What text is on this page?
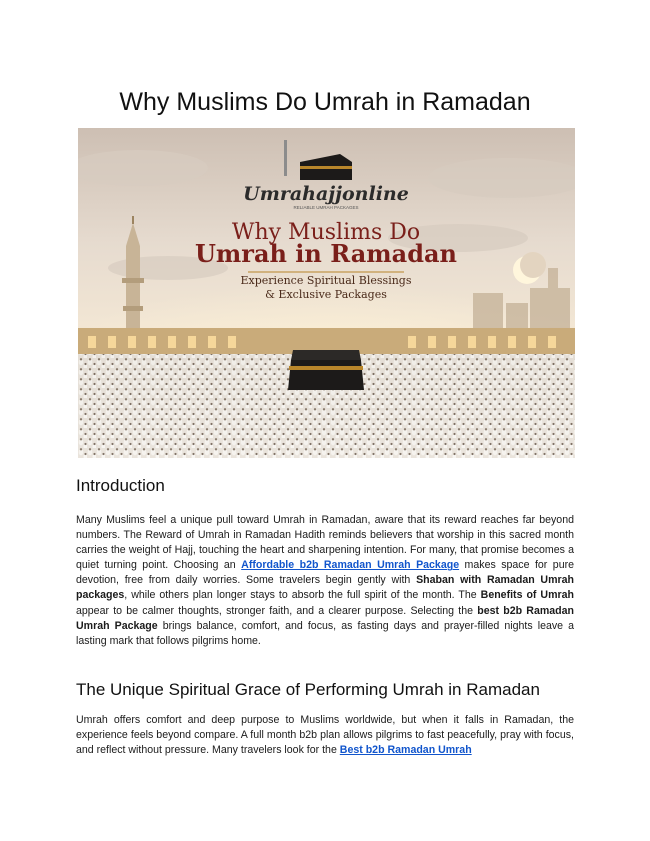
Why Muslims Do Umrah in Ramadan
Umrahajjonline
RELIABLE UMRAH PACKAGES
Why Muslims Do
Umrah in Ramadan
Experience Spiritual Blessings
& Exclusive Packages
Introduction

Many Muslims feel a unique pull toward Umrah in Ramadan, aware that its reward reaches far beyond numbers. The Reward of Umrah in Ramadan Hadith reminds believers that worship in this sacred month carries the weight of Hajj, touching the heart and sharpening intention. For many, that promise becomes a quiet turning point. Choosing an Affordable b2b Ramadan Umrah Package makes space for pure devotion, free from daily worries. Some travelers begin gently with Shaban with Ramadan Umrah packages, while others plan longer stays to absorb the full spirit of the month. The Benefits of Umrah appear to be calmer thoughts, stronger faith, and a clearer purpose. Selecting the best b2b Ramadan Umrah Package brings balance, comfort, and focus, as fasting days and prayer-filled nights leave a lasting mark that follows pilgrims home.

The Unique Spiritual Grace of Performing Umrah in Ramadan

Umrah offers comfort and deep purpose to Muslims worldwide, but when it falls in Ramadan, the experience feels beyond compare. A full month b2b plan allows pilgrims to fast peacefully, pray with focus, and reflect without pressure. Many travelers look for the Best b2b Ramadan Umrah
